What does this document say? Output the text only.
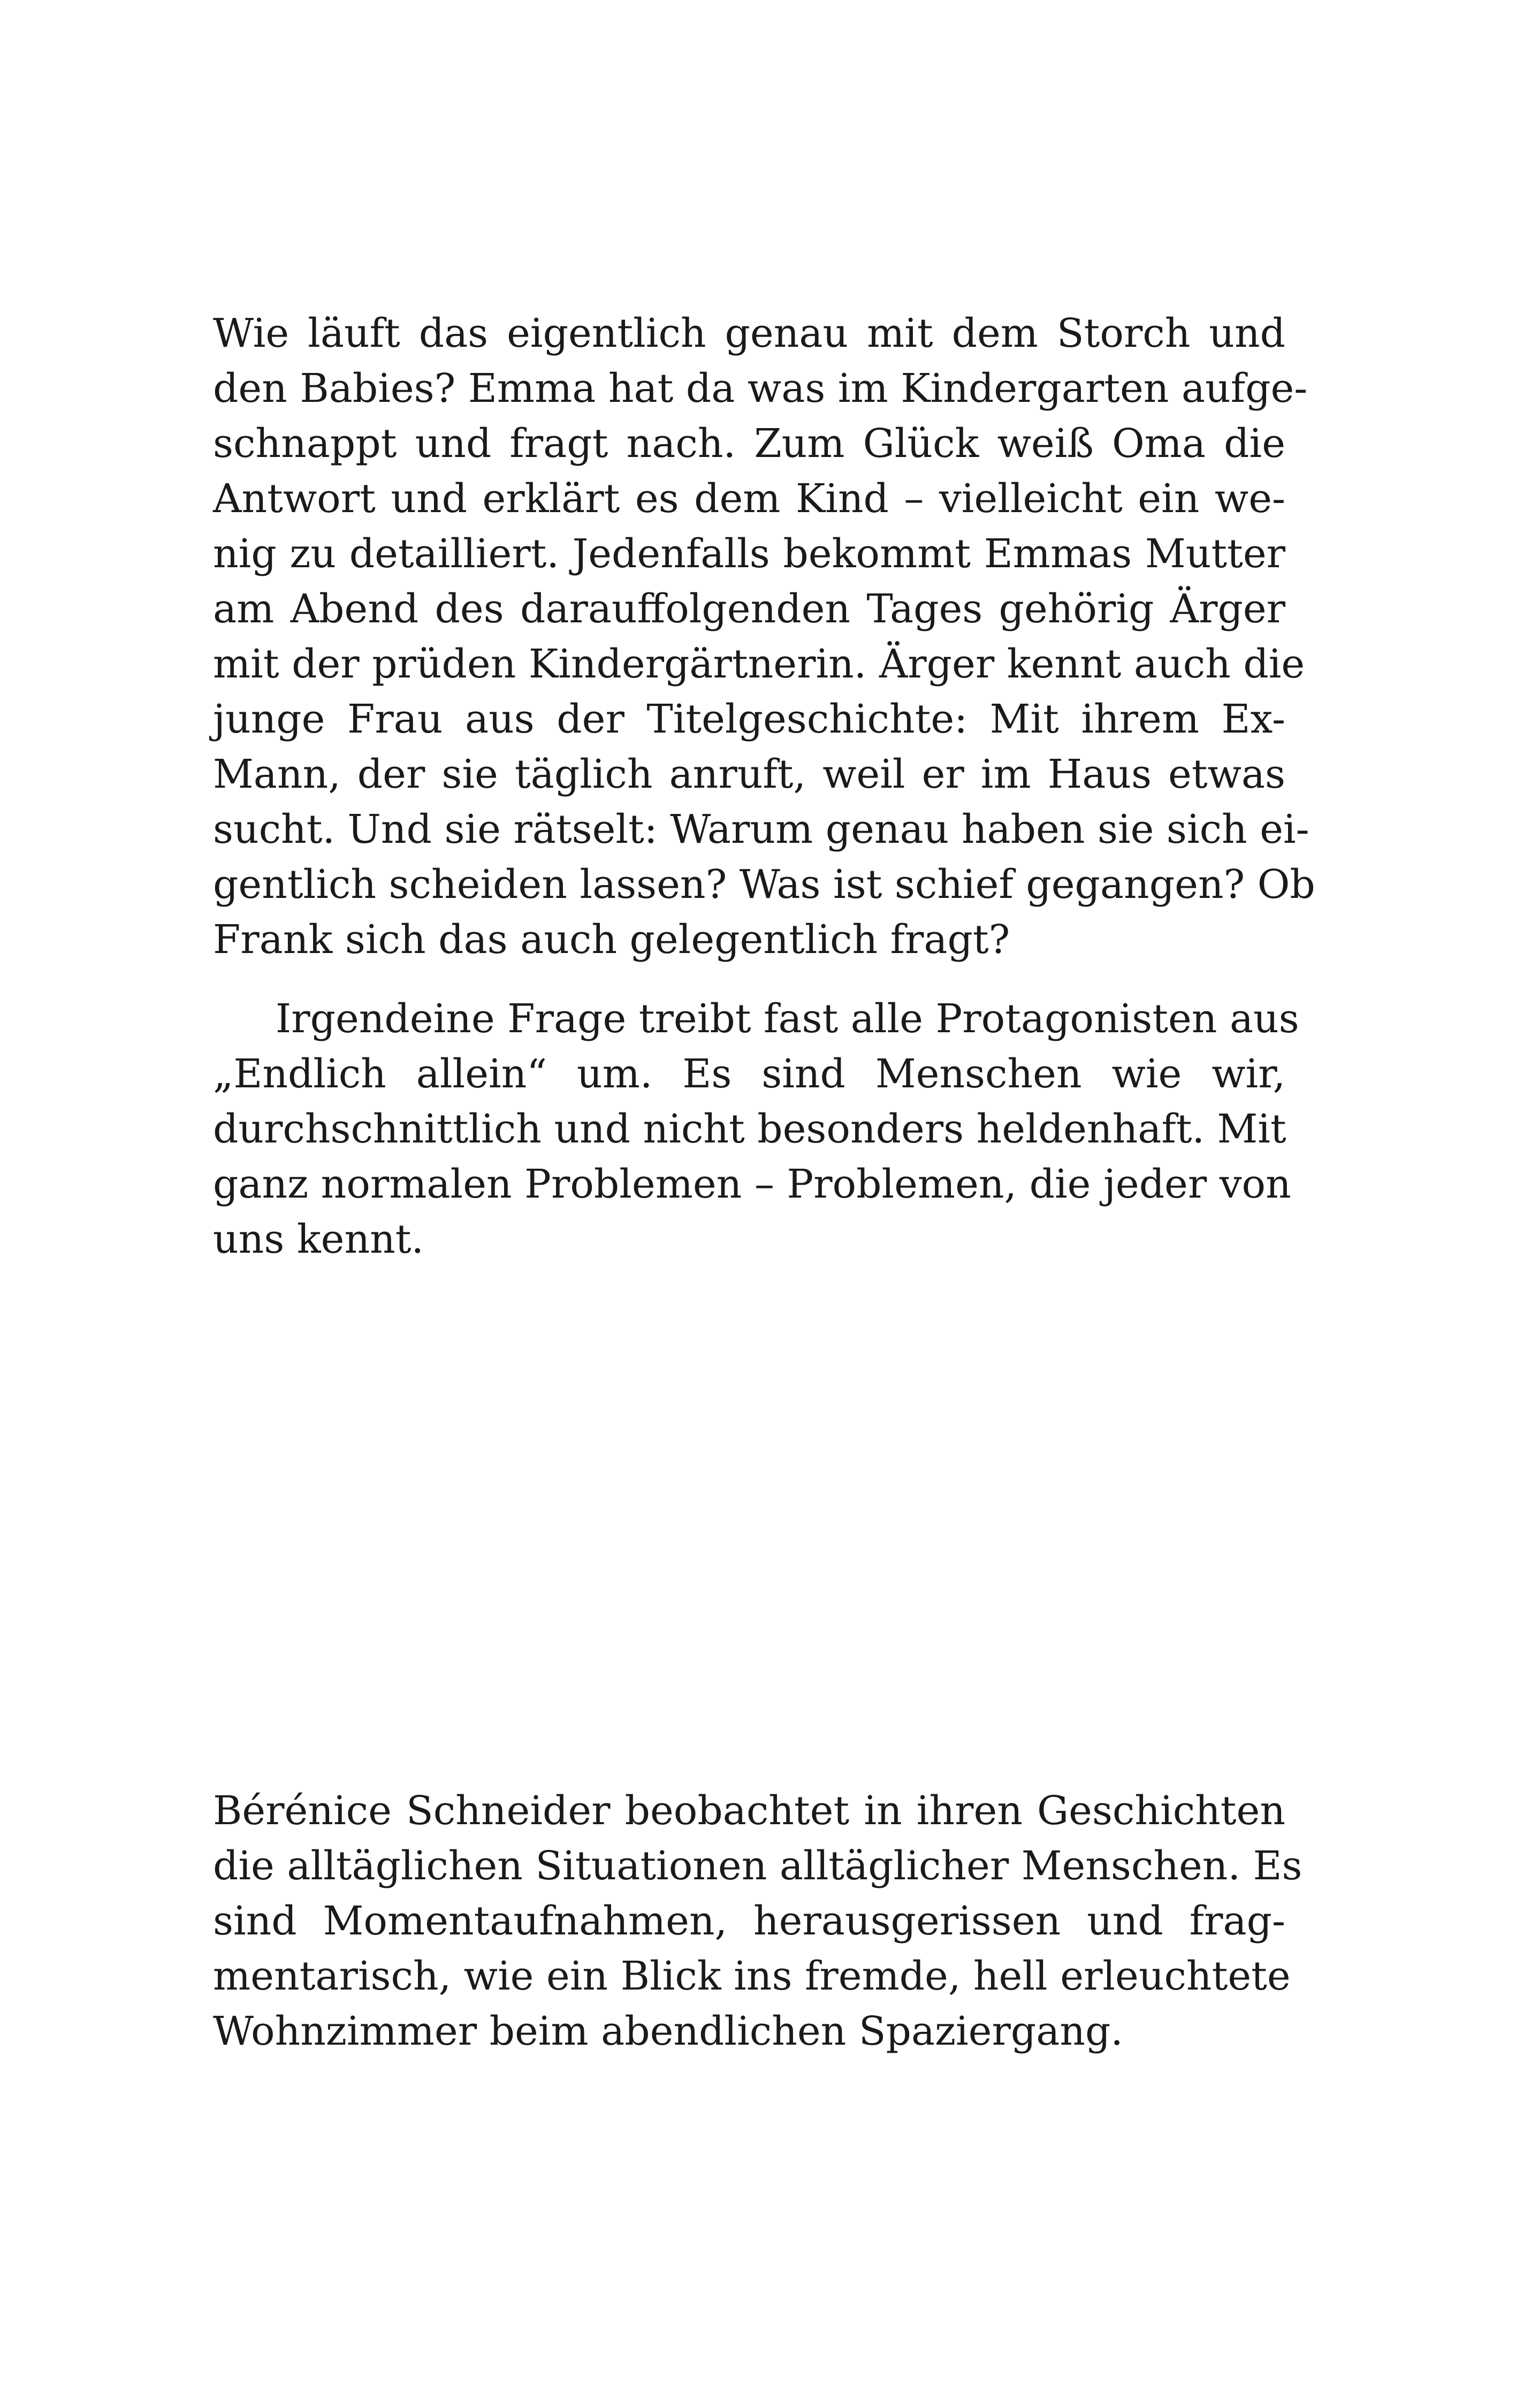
Wie läuft das eigentlich genau mit dem Storch und
den Babies? Emma hat da was im Kindergarten aufge-
schnappt und fragt nach. Zum Glück weiß Oma die
Antwort und erklärt es dem Kind – vielleicht ein we-
nig zu detailliert. Jedenfalls bekommt Emmas Mutter
am Abend des darauffolgenden Tages gehörig Ärger
mit der prüden Kindergärtnerin. Ärger kennt auch die
junge Frau aus der Titelgeschichte: Mit ihrem Ex-
Mann, der sie täglich anruft, weil er im Haus etwas
sucht. Und sie rätselt: Warum genau haben sie sich ei-
gentlich scheiden lassen? Was ist schief gegangen? Ob
Frank sich das auch gelegentlich fragt?
Irgendeine Frage treibt fast alle Protagonisten aus
„Endlich allein“ um. Es sind Menschen wie wir,
durchschnittlich und nicht besonders heldenhaft. Mit
ganz normalen Problemen – Problemen, die jeder von
uns kennt.
Bérénice Schneider beobachtet in ihren Geschichten
die alltäglichen Situationen alltäglicher Menschen. Es
sind Momentaufnahmen, herausgerissen und frag-
mentarisch, wie ein Blick ins fremde, hell erleuchtete
Wohnzimmer beim abendlichen Spaziergang.
